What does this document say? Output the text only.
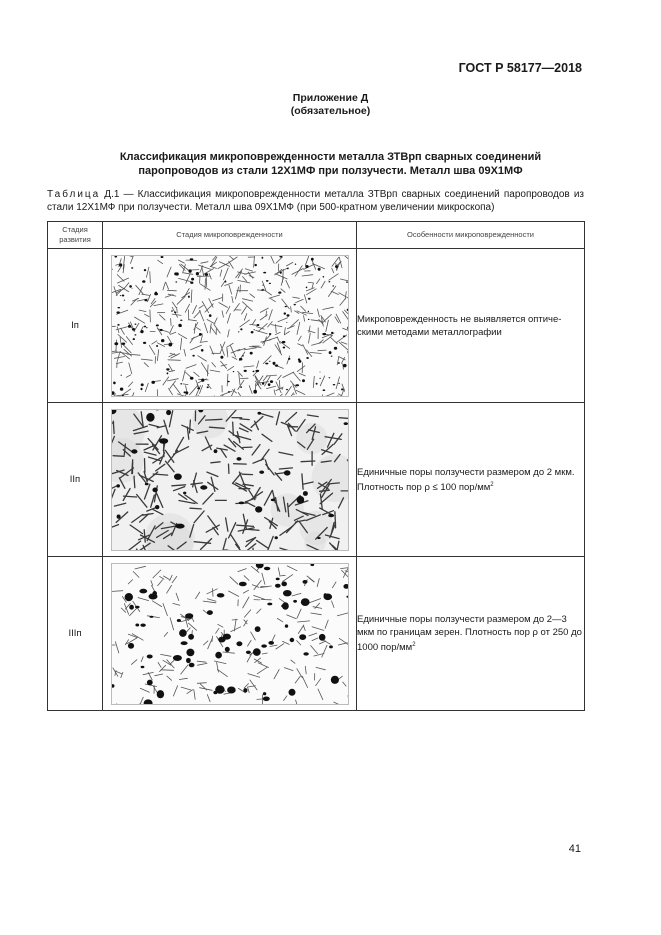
ГОСТ Р 58177—2018
Приложение Д
(обязательное)
Классификация микроповрежденности металла ЗТВрп сварных соединений
паропроводов из стали 12Х1МФ при ползучести. Металл шва 09Х1МФ
Таблица Д.1 — Классификация микроповрежденности металла ЗТВрп сварных соединений паропроводов из стали 12Х1МФ при ползучести. Металл шва 09Х1МФ (при 500-кратном увеличении микроскопа)
Стадия
развития	Стадия микроповрежденности	Особенности микроповрежденности
Iп		Микроповрежденность не выявляется оптиче-скими методами металлографии
IIп		Единичные поры ползучести размером до 2 мкм. Плотность пор ρ ≤ 100 пор/$мм^2$
IIIп		Единичные поры ползучести размером до 2—3 мкм по границам зерен. Плотность пор ρ от 250 до 1000 пор/$мм^2$
41
